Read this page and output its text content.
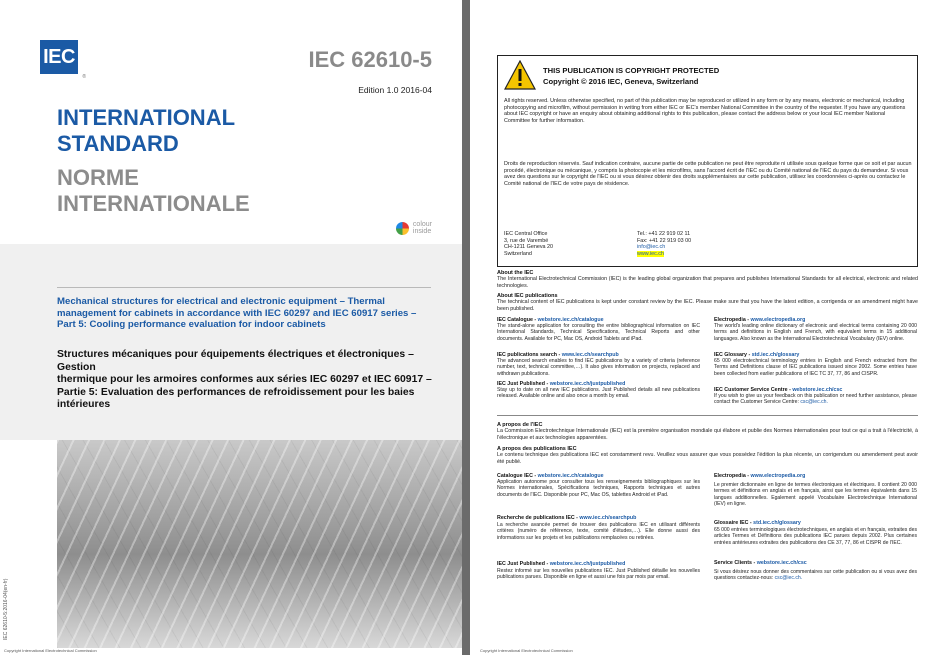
IEC
®
IEC 62610-5
Edition 1.0 2016-04
INTERNATIONAL
STANDARD
NORME
INTERNATIONALE
colour
inside
Mechanical structures for electrical and electronic equipment – Thermal
management for cabinets in accordance with IEC 60297 and IEC 60917 series –
Part 5: Cooling performance evaluation for indoor cabinets
Structures mécaniques pour équipements électriques et électroniques – Gestion
thermique pour les armoires conformes aux séries IEC 60297 et IEC 60917 –
Partie 5: Evaluation des performances de refroidissement pour les baies
intérieures
IEC 62610-5:2016-04(en-fr)
Copyright International Electrotechnical Commission
THIS PUBLICATION IS COPYRIGHT PROTECTED
Copyright © 2016 IEC, Geneva, Switzerland
All rights reserved. Unless otherwise specified, no part of this publication may be reproduced or utilized in any form or by any means, electronic or mechanical, including photocopying and microfilm, without permission in writing from either IEC or IEC's member National Committee in the country of the requester. If you have any questions about IEC copyright or have an enquiry about obtaining additional rights to this publication, please contact the address below or your local IEC member National Committee for further information.
Droits de reproduction réservés. Sauf indication contraire, aucune partie de cette publication ne peut être reproduite ni utilisée sous quelque forme que ce soit et par aucun procédé, électronique ou mécanique, y compris la photocopie et les microfilms, sans l'accord écrit de l'IEC ou du Comité national de l'IEC du pays du demandeur. Si vous avez des questions sur le copyright de l'IEC ou si vous désirez obtenir des droits supplémentaires sur cette publication, utilisez les coordonnées ci-après ou contactez le Comité national de l'IEC de votre pays de résidence.
IEC Central Office
3, rue de Varembé
CH-1211 Geneva 20
Switzerland
Tel.: +41 22 919 02 11
Fax: +41 22 919 03 00
info@iec.ch
www.iec.ch
About the IEC
The International Electrotechnical Commission (IEC) is the leading global organization that prepares and publishes International Standards for all electrical, electronic and related technologies.
About IEC publications
The technical content of IEC publications is kept under constant review by the IEC. Please make sure that you have the latest edition, a corrigenda or an amendment might have been published.
IEC Catalogue - webstore.iec.ch/catalogue
The stand-alone application for consulting the entire bibliographical information on IEC International Standards, Technical Specifications, Technical Reports and other documents. Available for PC, Mac OS, Android Tablets and iPad.
IEC publications search - www.iec.ch/searchpub
The advanced search enables to find IEC publications by a variety of criteria (reference number, text, technical committee,…). It also gives information on projects, replaced and withdrawn publications.
IEC Just Published - webstore.iec.ch/justpublished
Stay up to date on all new IEC publications. Just Published details all new publications released. Available online and also once a month by email.
Electropedia - www.electropedia.org
The world's leading online dictionary of electronic and electrical terms containing 20 000 terms and definitions in English and French, with equivalent terms in 15 additional languages. Also known as the International Electrotechnical Vocabulary (IEV) online.
IEC Glossary - std.iec.ch/glossary
65 000 electrotechnical terminology entries in English and French extracted from the Terms and Definitions clause of IEC publications issued since 2002. Some entries have been collected from earlier publications of IEC TC 37, 77, 86 and CISPR.
IEC Customer Service Centre - webstore.iec.ch/csc
If you wish to give us your feedback on this publication or need further assistance, please contact the Customer Service Centre: csc@iec.ch.
A propos de l'IEC
La Commission Electrotechnique Internationale (IEC) est la première organisation mondiale qui élabore et publie des Normes internationales pour tout ce qui a trait à l'électricité, à l'électronique et aux technologies apparentées.
A propos des publications IEC
Le contenu technique des publications IEC est constamment revu. Veuillez vous assurer que vous possédez l'édition la plus récente, un corrigendum ou amendement peut avoir été publié.
Catalogue IEC - webstore.iec.ch/catalogue
Application autonome pour consulter tous les renseignements bibliographiques sur les Normes internationales, Spécifications techniques, Rapports techniques et autres documents de l'IEC. Disponible pour PC, Mac OS, tablettes Android et iPad.
Recherche de publications IEC - www.iec.ch/searchpub
La recherche avancée permet de trouver des publications IEC en utilisant différents critères (numéro de référence, texte, comité d'études,…). Elle donne aussi des informations sur les projets et les publications remplacées ou retirées.
IEC Just Published - webstore.iec.ch/justpublished
Restez informé sur les nouvelles publications IEC. Just Published détaille les nouvelles publications parues. Disponible en ligne et aussi une fois par mois par email.
Electropedia - www.electropedia.org
Le premier dictionnaire en ligne de termes électroniques et électriques. Il contient 20 000 termes et définitions en anglais et en français, ainsi que les termes équivalents dans 15 langues additionnelles. Egalement appelé Vocabulaire Electrotechnique International (IEV) en ligne.
Glossaire IEC - std.iec.ch/glossary
65 000 entrées terminologiques électrotechniques, en anglais et en français, extraites des articles Termes et Définitions des publications IEC parues depuis 2002. Plus certaines entrées antérieures extraites des publications des CE 37, 77, 86 et CISPR de l'IEC.
Service Clients - webstore.iec.ch/csc
Si vous désirez nous donner des commentaires sur cette publication ou si vous avez des questions contactez-nous: csc@iec.ch.
Copyright International Electrotechnical Commission
